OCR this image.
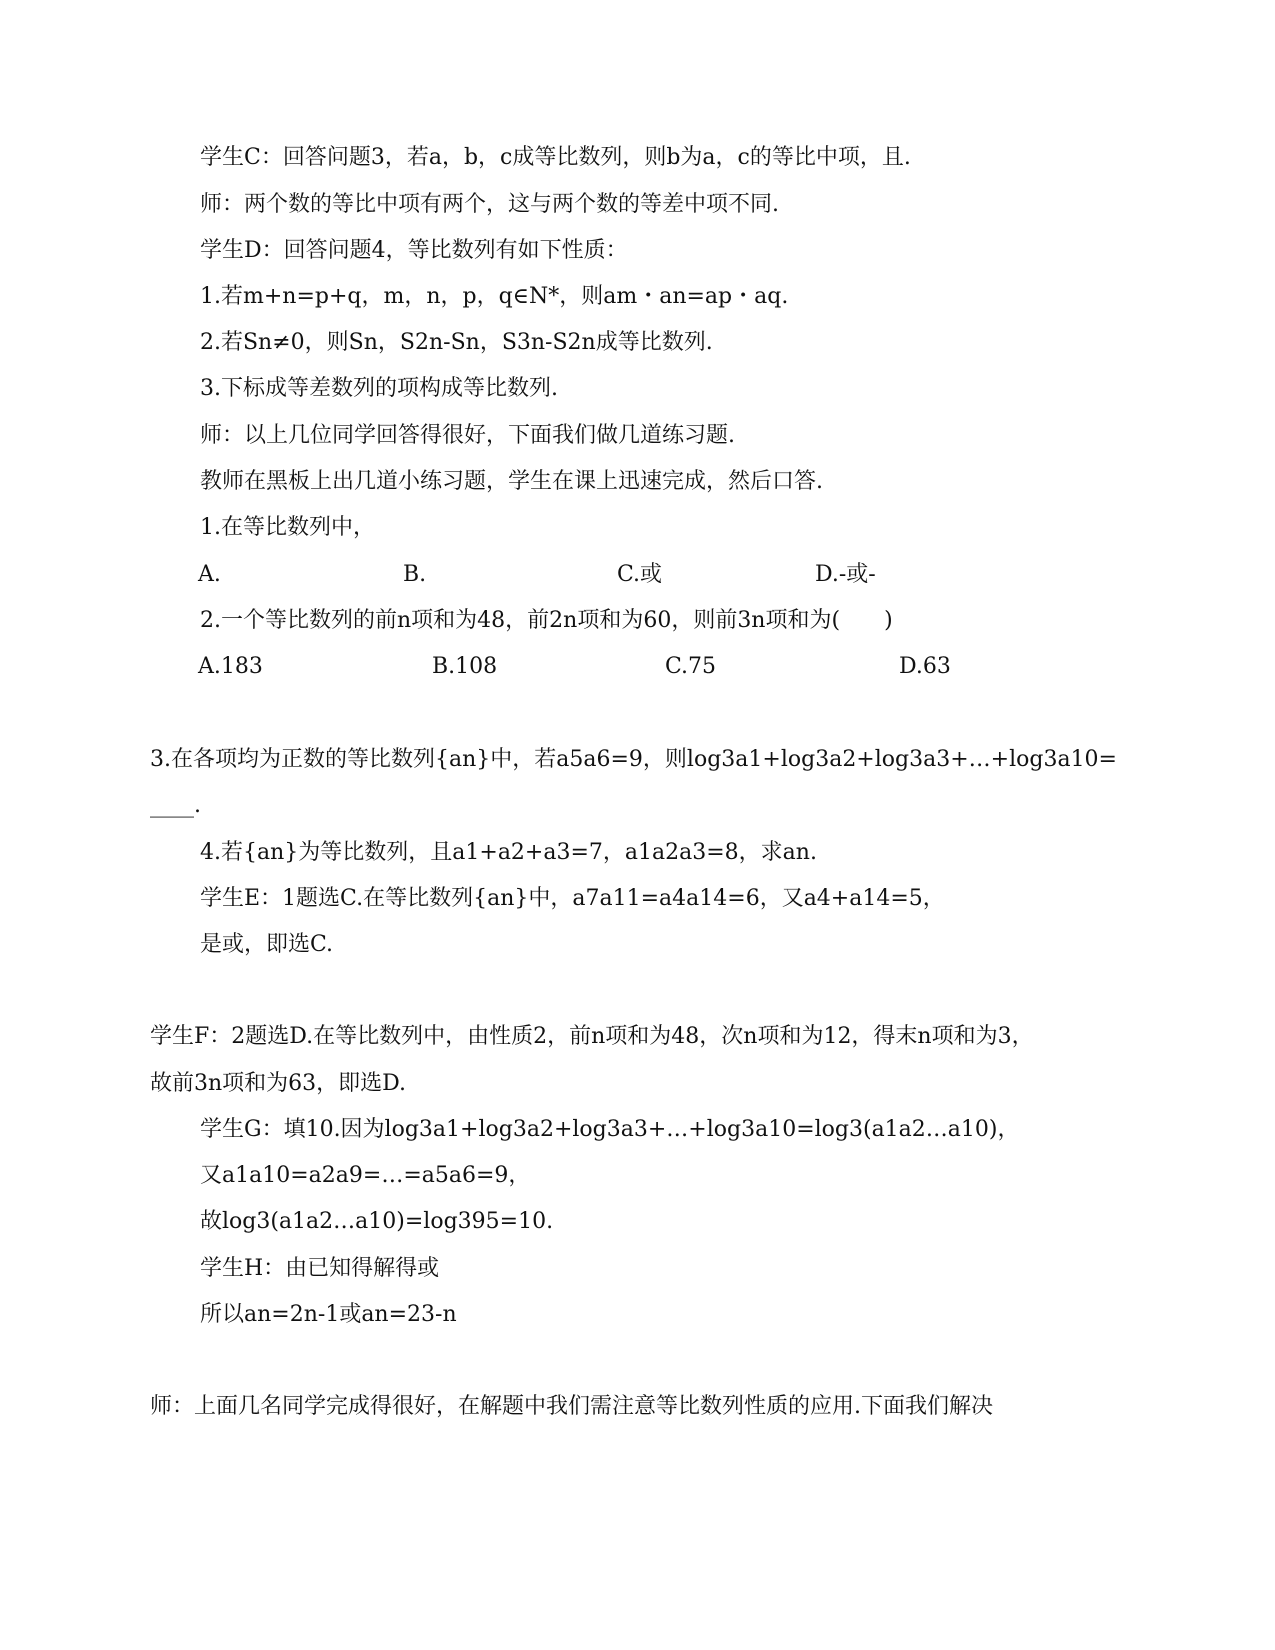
学生C：回答问题3，若a，b，c成等比数列，则b为a，c的等比中项，且.
师：两个数的等比中项有两个，这与两个数的等差中项不同.
学生D：回答问题4，等比数列有如下性质：
1.若m+n=p+q，m，n，p，q∈N*，则am・an=ap・aq.
2.若Sn≠0，则Sn，S2n-Sn，S3n-S2n成等比数列.
3.下标成等差数列的项构成等比数列.
师：以上几位同学回答得很好，下面我们做几道练习题.
教师在黑板上出几道小练习题，学生在课上迅速完成，然后口答.
1.在等比数列中，
A.	B.	C.或	D.-或-
2.一个等比数列的前n项和为48，前2n项和为60，则前3n项和为(　　)
A.183	B.108	C.75	D.63
3.在各项均为正数的等比数列{an}中，若a5a6=9，则log3a1+log3a2+log3a3+…+log3a10=
____.
4.若{an}为等比数列，且a1+a2+a3=7，a1a2a3=8，求an.
学生E：1题选C.在等比数列{an}中，a7a11=a4a14=6，又a4+a14=5，
是或，即选C.
学生F：2题选D.在等比数列中，由性质2，前n项和为48，次n项和为12，得末n项和为3，
故前3n项和为63，即选D.
学生G：填10.因为log3a1+log3a2+log3a3+…+log3a10=log3(a1a2…a10)，
又a1a10=a2a9=…=a5a6=9，
故log3(a1a2…a10)=log395=10.
学生H：由已知得解得或
所以an=2n-1或an=23-n
师：上面几名同学完成得很好，在解题中我们需注意等比数列性质的应用.下面我们解决
